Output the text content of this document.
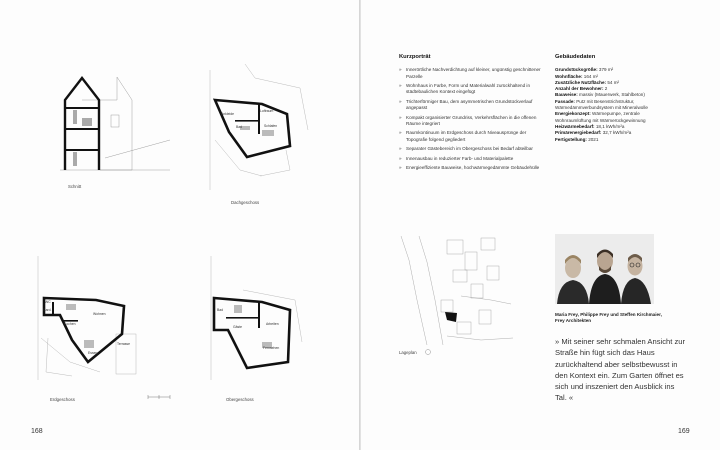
Schnitt
Dachgeschoss
Erdgeschoss	Obergeschoss
Ankleide
Luftraum
Bad	Schlafen
WC
Gard.
Kochen
Wohnen
Essen
Terrasse
Bad
Gäste
Arbeiten
Fernsehen
168
Kurzporträt
» Innerörtliche Nachverdichtung auf kleiner, ungünstig geschnittener Parzelle
» Wohnhaus in Farbe, Form und Materialwahl zurückhaltend in städtebaulichen Kontext eingefügt
» Trichterförmiger Bau, dem asymmetrischen Grundstückverlauf angepasst
» Kompakt organisierter Grundriss, Verkehrsflächen in die offenen Räume integriert
» Raumkontinuum im Erdgeschoss durch Niveausprünge der Topografie folgend gegliedert
» Separater Gästebereich im Obergeschoss bei Bedarf abteilbar
» Innenausbau in reduzierter Farb- und Materialpalette
» Energieeffiziente Bauweise, hochwärmegedämmte Gebäudehülle
Gebäudedaten
Grundstücksgröße: 379 m²
Wohnfläche: 164 m²
Zusätzliche Nutzfläche: 54 m²
Anzahl der Bewohner: 2
Bauweise: massiv (Mauerwerk, Stahlbeton)
Fassade: Putz mit Besenstrichstruktur, Wärmedämmverbundsystem mit Mineralwolle
Energiekonzept: Wärmepumpe, zentrale Wohnraumlüftung mit Wärmerückgewinnung
Heizwärmebedarf: 18,1 kWh/m²a
Primärenergiebedarf: 32,7 kWh/m²a
Fertigstellung: 2021
Lageplan
Maria Frey, Philippe Frey und Steffen Kirchmaier, Frey Architekten
» Mit seiner sehr schmalen Ansicht zur Straße hin fügt sich das Haus zurückhaltend aber selbstbewusst in den Kontext ein. Zum Garten öffnet es sich und inszeniert den Ausblick ins Tal. «
169
